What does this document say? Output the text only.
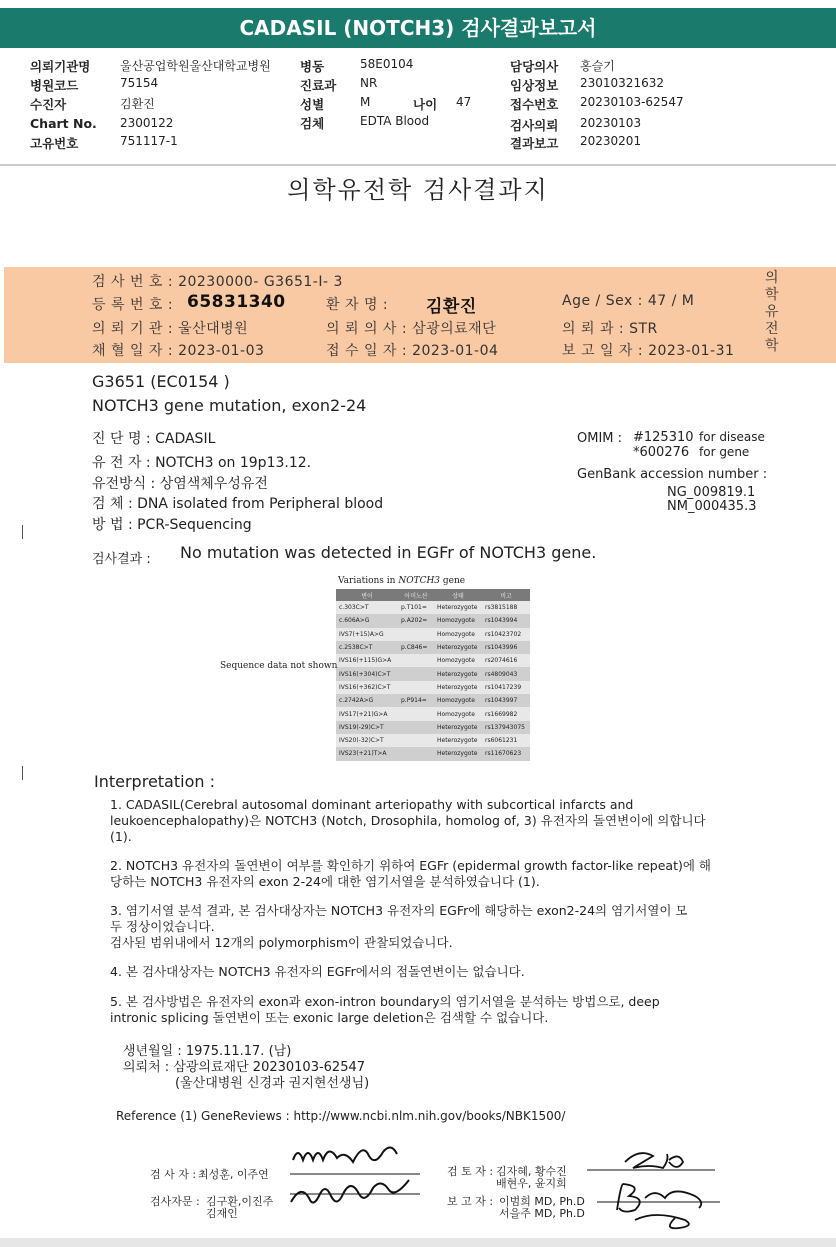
CADASIL (NOTCH3) 검사결과보고서
의뢰기관명 울산공업학원울산대학교병원
병원코드	75154
수진자	김환진
Chart No. 2300122
고유번호	751117-1
병동	58E0104
진료과 NR
성별	M	나이 47
검체	EDTA Blood
담당의사 홍슬기
임상정보 23010321632
접수번호 20230103-62547
검사의뢰 20230103
결과보고 20230201
의학유전학 검사결과지
검 사 번 호 : 20230000- G3651-I- 3
등 록 번 호 : 65831340	환 자 명 : 김환진	Age / Sex : 47 / M
의 뢰 기 관 : 울산대병원	의 뢰 의 사 : 삼광의료재단	의 뢰 과 : STR
채 혈 일 자 : 2023-01-03	접 수 일 자 : 2023-01-04	보 고 일 자 : 2023-01-31
의학유전학
G3651 (EC0154 )
NOTCH3 gene mutation, exon2-24
진 단 명 : CADASIL
유 전 자 : NOTCH3 on 19p13.12.
유전방식 : 상염색체우성유전
검 체 : DNA isolated from Peripheral blood
방 법 : PCR-Sequencing
OMIM : #125310 for disease
*600276 for gene
GenBank accession number :
NG_009819.1
NM_000435.3
검사결과 : No mutation was detected in EGFr of NOTCH3 gene.
Variations in NOTCH3 gene
변이	아미노산	상태	비고
c.303C>T	p.T101=	Heterozygote	rs3815188
c.606A>G	p.A202=	Homozygote	rs1043994
IVS7(+15)A>G		Homozygote	rs10423702
c.2538C>T	p.C846=	Heterozygote	rs1043996
IVS16(+115)G>A		Homozygote	rs2074616
IVS16(+304)C>T		Heterozygote	rs4809043
IVS16(+362)C>T		Heterozygote	rs10417239
c.2742A>G	p.P914=	Homozygote	rs1043997
IVS17(+21)G>A		Homozygote	rs1669982
IVS19(-29)C>T		Heterozygote	rs137943075
IVS20(-32)C>T		Heterozygote	rs6061231
IVS23(+21)T>A		Heterozygote	rs11670623
Sequence data not shown
Interpretation :
1. CADASIL(Cerebral autosomal dominant arteriopathy with subcortical infarcts and
leukoencephalopathy)은 NOTCH3 (Notch, Drosophila, homolog of, 3) 유전자의 돌연변이에 의합니다
(1).
2. NOTCH3 유전자의 돌연변이 여부를 확인하기 위하여 EGFr (epidermal growth factor-like repeat)에 해
당하는 NOTCH3 유전자의 exon 2-24에 대한 염기서열을 분석하였습니다 (1).
3. 염기서열 분석 결과, 본 검사대상자는 NOTCH3 유전자의 EGFr에 해당하는 exon2-24의 염기서열이 모
두 정상이었습니다.
검사된 범위내에서 12개의 polymorphism이 관찰되었습니다.
4. 본 검사대상자는 NOTCH3 유전자의 EGFr에서의 점돌연변이는 없습니다.
5. 본 검사방법은 유전자의 exon과 exon-intron boundary의 염기서열을 분석하는 방법으로, deep
intronic splicing 돌연변이 또는 exonic large deletion은 검색할 수 없습니다.
생년월일 : 1975.11.17. (남)
의뢰처 : 삼광의료재단 20230103-62547
(울산대병원 신경과 권지현선생님)
Reference (1) GeneReviews : http://www.ncbi.nlm.nih.gov/books/NBK1500/
검 사 자 : 최성훈, 이주연
검사자문 : 김구환,이진주
김재인
검 토 자 : 김자혜, 황수진
배현우, 윤지희
보 고 자 : 이범희 MD, Ph.D
서을주 MD, Ph.D
